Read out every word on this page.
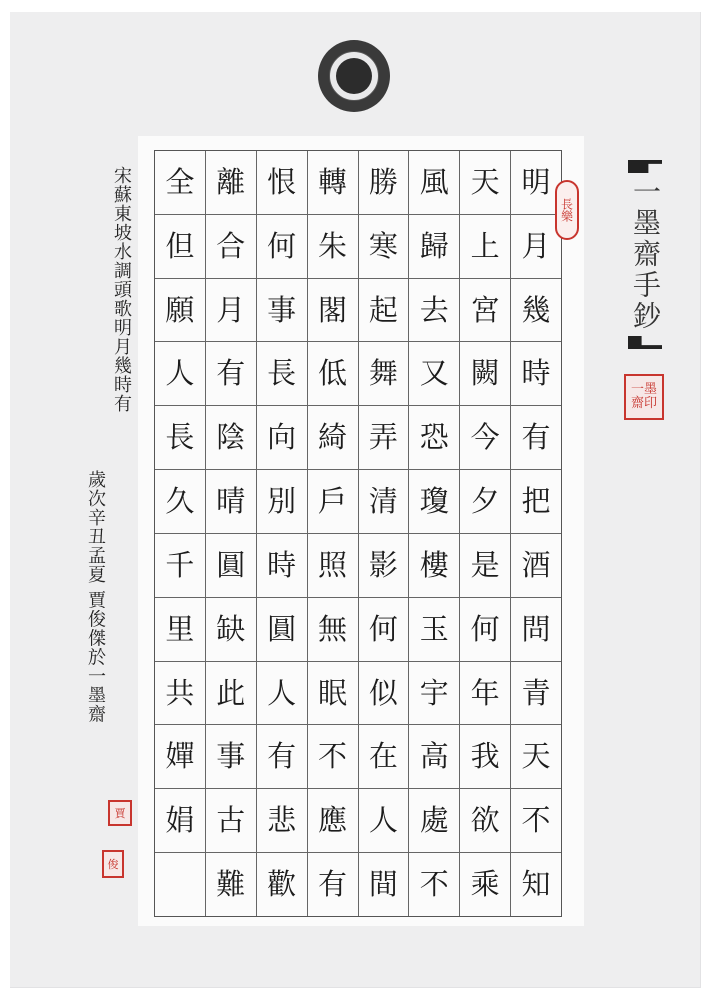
明
月
幾
時
有
把
酒
問
青
天
不
知
天
上
宮
闕
今
夕
是
何
年
我
欲
乘
風
歸
去
又
恐
瓊
樓
玉
宇
高
處
不
勝
寒
起
舞
弄
清
影
何
似
在
人
間
轉
朱
閣
低
綺
戶
照
無
眠
不
應
有
恨
何
事
長
向
別
時
圓
人
有
悲
歡
離
合
月
有
陰
晴
圓
缺
此
事
古
難
全
但
願
人
長
久
千
里
共
嬋
娟
長樂
宋蘇東坡水調頭歌明月幾時有
歲次辛丑孟夏 賈俊傑於一墨齋
賈
俊
一墨齋手鈔
一墨齋印
